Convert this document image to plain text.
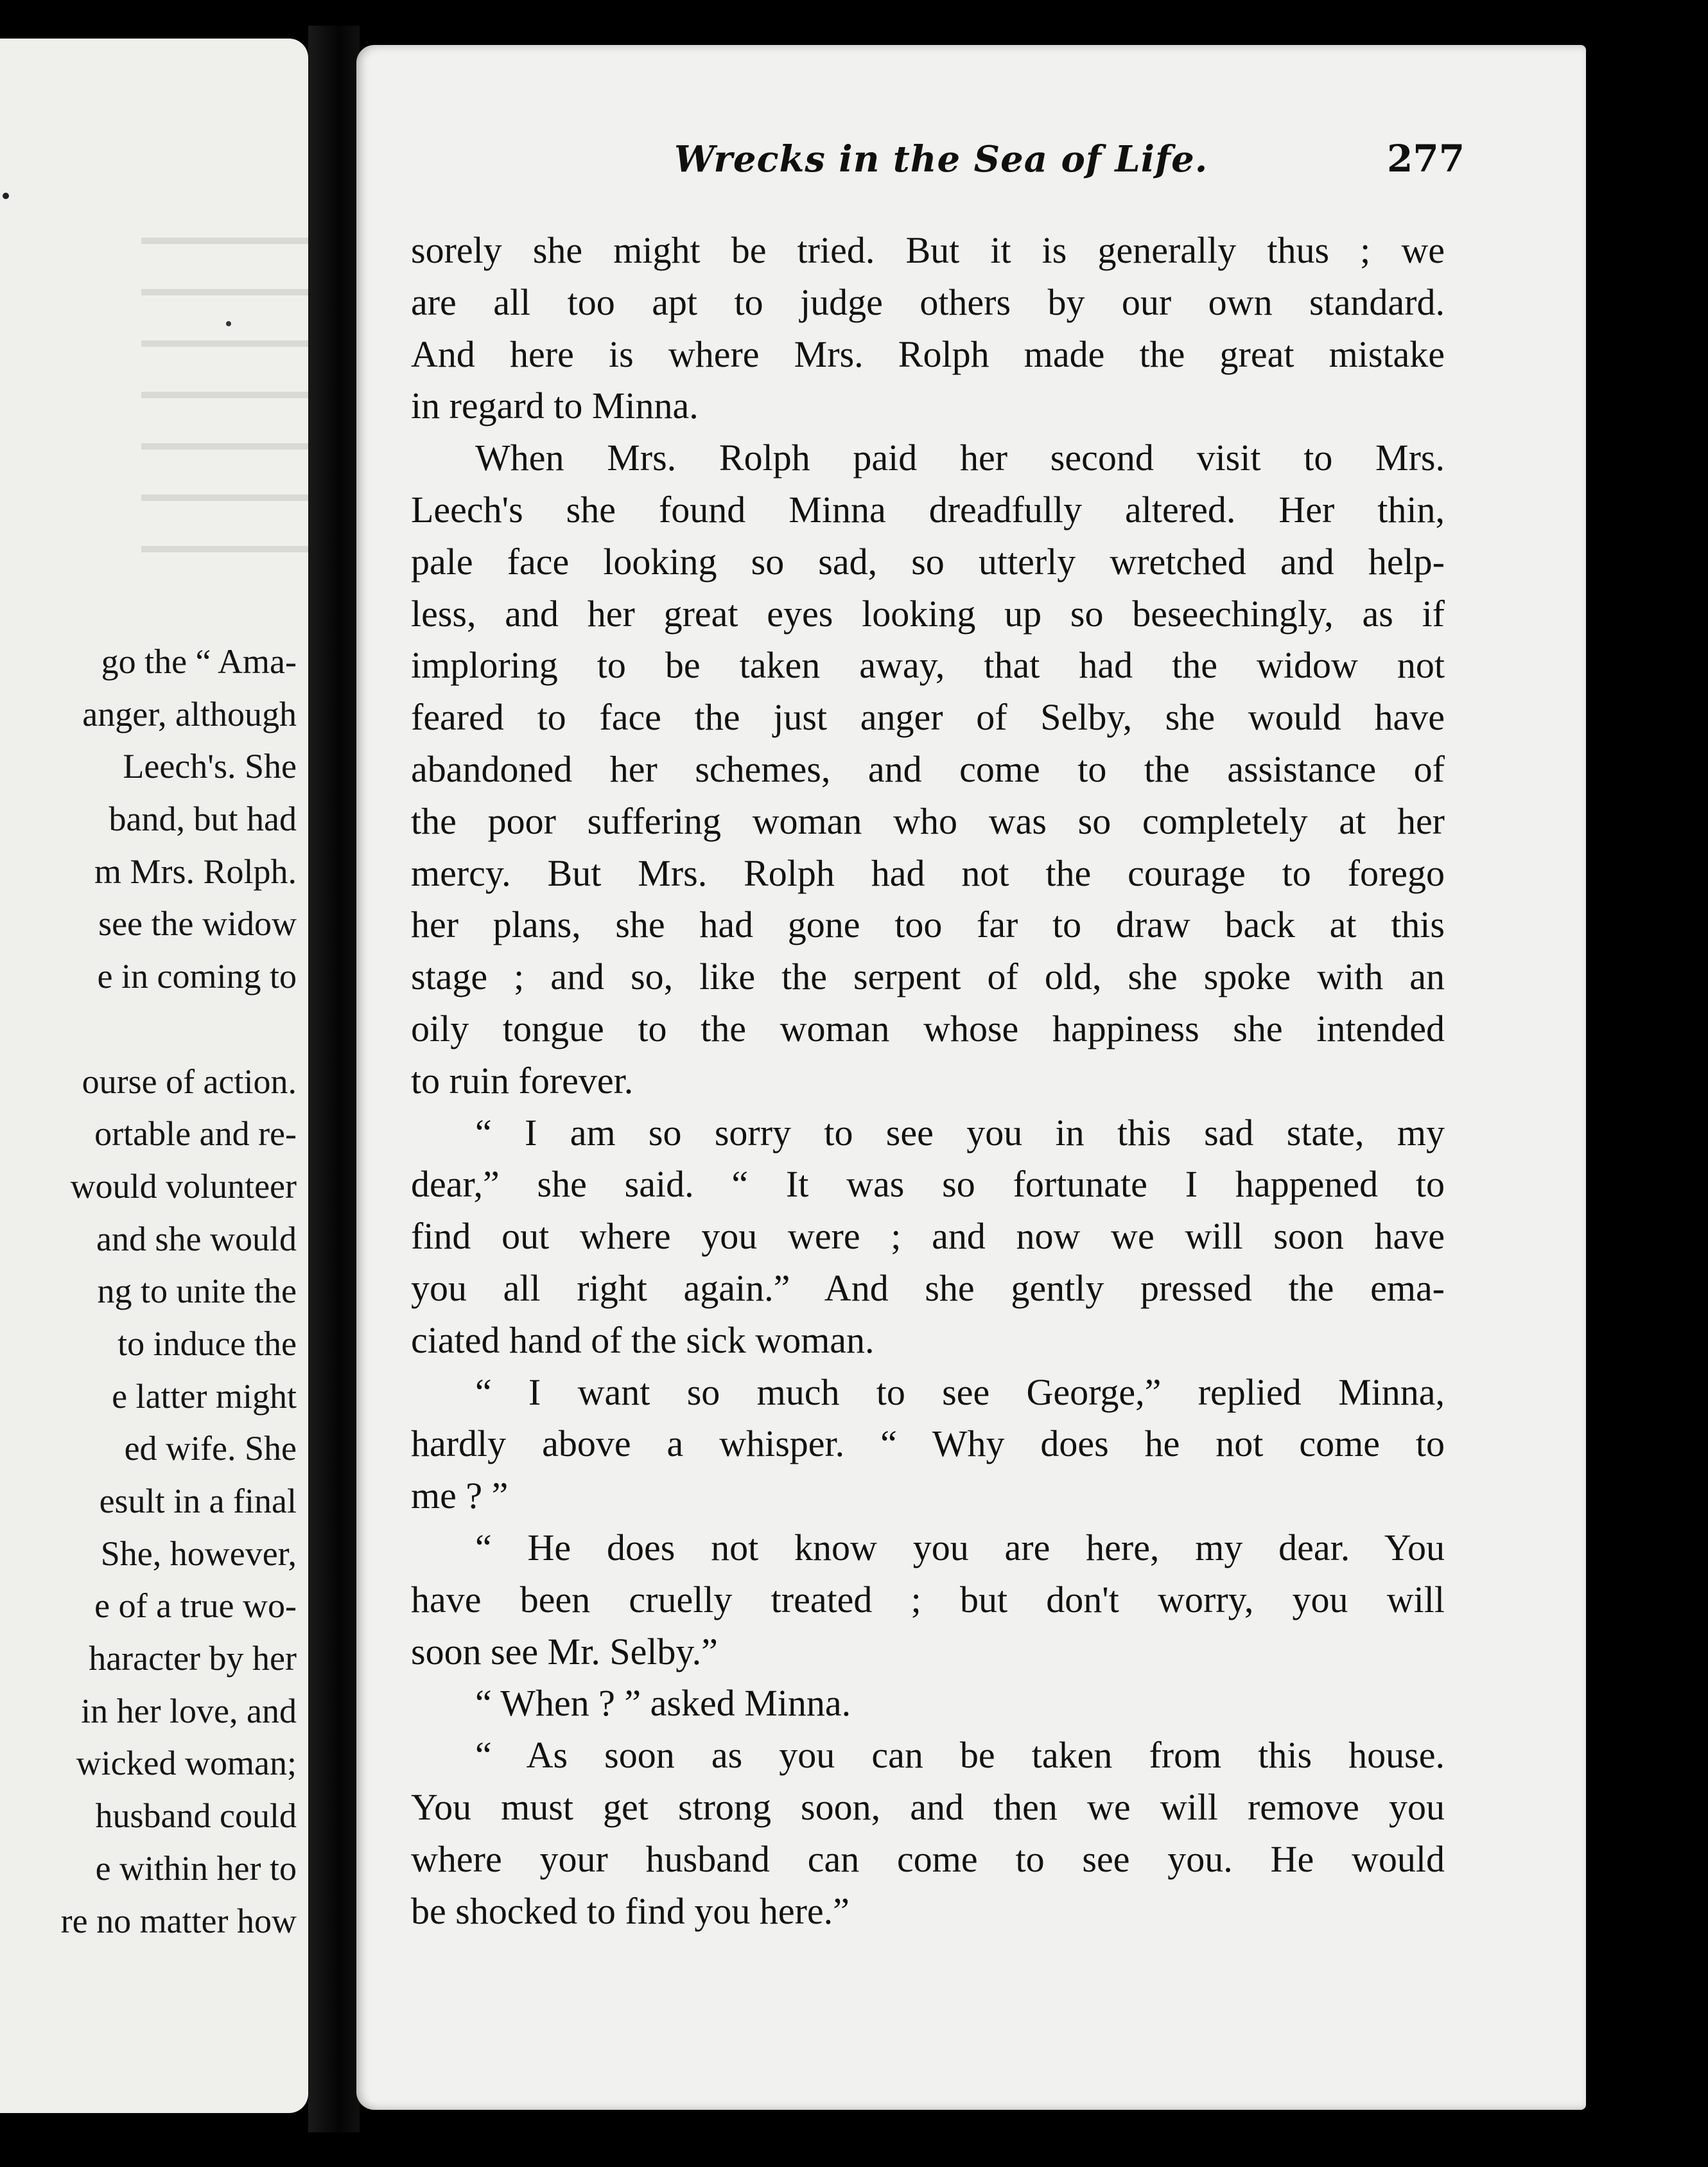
go the “ Ama-
anger, although
Leech's. She
band, but had
m Mrs. Rolph.
see the widow
e in coming to
ourse of action.
ortable and re-
would volunteer
and she would
ng to unite the
to induce the
e latter might
ed wife. She
esult in a final
She, however,
e of a true wo-
haracter by her
in her love, and
wicked woman;
husband could
e within her to
re no matter how
Wrecks in the Sea of Life.	277
sorely she might be tried. But it is generally thus ; we
are all too apt to judge others by our own standard.
And here is where Mrs. Rolph made the great mistake
in regard to Minna.
When Mrs. Rolph paid her second visit to Mrs.
Leech's she found Minna dreadfully altered. Her thin,
pale face looking so sad, so utterly wretched and help-
less, and her great eyes looking up so beseechingly, as if
imploring to be taken away, that had the widow not
feared to face the just anger of Selby, she would have
abandoned her schemes, and come to the assistance of
the poor suffering woman who was so completely at her
mercy. But Mrs. Rolph had not the courage to forego
her plans, she had gone too far to draw back at this
stage ; and so, like the serpent of old, she spoke with an
oily tongue to the woman whose happiness she intended
to ruin forever.
“ I am so sorry to see you in this sad state, my
dear,” she said. “ It was so fortunate I happened to
find out where you were ; and now we will soon have
you all right again.” And she gently pressed the ema-
ciated hand of the sick woman.
“ I want so much to see George,” replied Minna,
hardly above a whisper. “ Why does he not come to
me ? ”
“ He does not know you are here, my dear. You
have been cruelly treated ; but don't worry, you will
soon see Mr. Selby.”
“ When ? ” asked Minna.
“ As soon as you can be taken from this house.
You must get strong soon, and then we will remove you
where your husband can come to see you. He would
be shocked to find you here.”
